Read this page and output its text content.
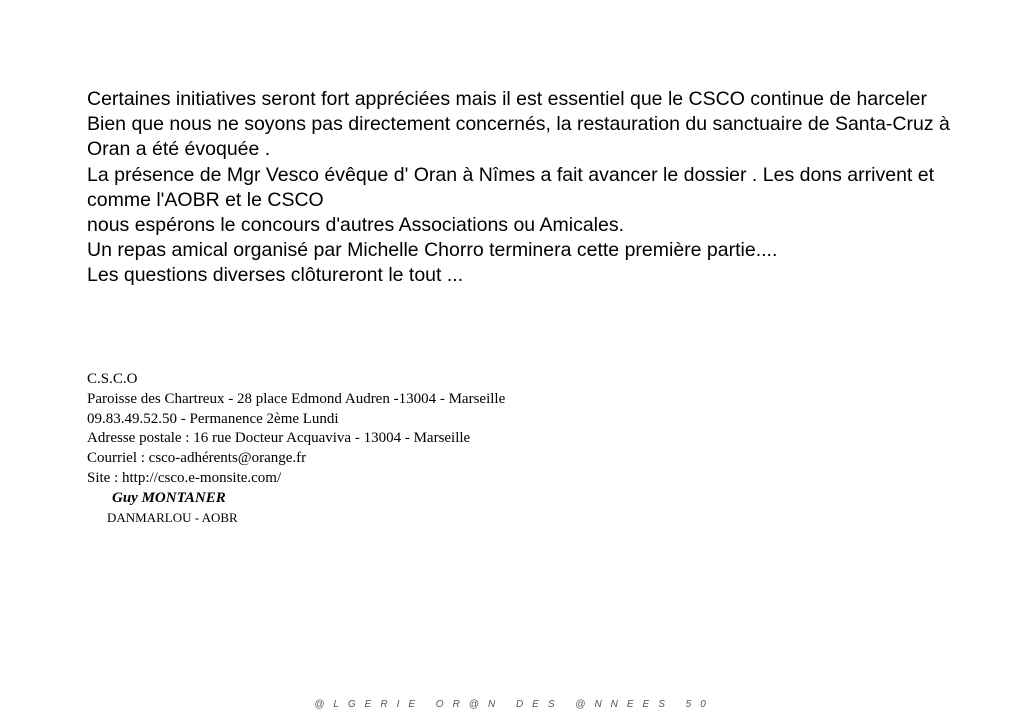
Certaines initiatives seront fort appréciées mais il est essentiel que le CSCO continue de harceler
Bien que nous ne soyons pas directement concernés, la restauration du sanctuaire de Santa-Cruz à Oran a été évoquée .
La présence de Mgr Vesco évêque d' Oran à Nîmes a fait avancer le dossier . Les dons arrivent et comme l'AOBR et le CSCO
nous espérons le concours d'autres Associations ou Amicales.
Un repas amical organisé par Michelle Chorro terminera cette première partie....
Les questions diverses clôtureront le tout ...
C.S.C.O
Paroisse des Chartreux - 28 place Edmond Audren -13004 - Marseille
09.83.49.52.50 - Permanence 2ème Lundi
Adresse postale : 16 rue Docteur Acquaviva - 13004 - Marseille
Courriel : csco-adhérents@orange.fr
Site : http://csco.e-monsite.com/
Guy MONTANER
DANMARLOU - AOBR
@LGERIE OR@N DES @NNEES 50
